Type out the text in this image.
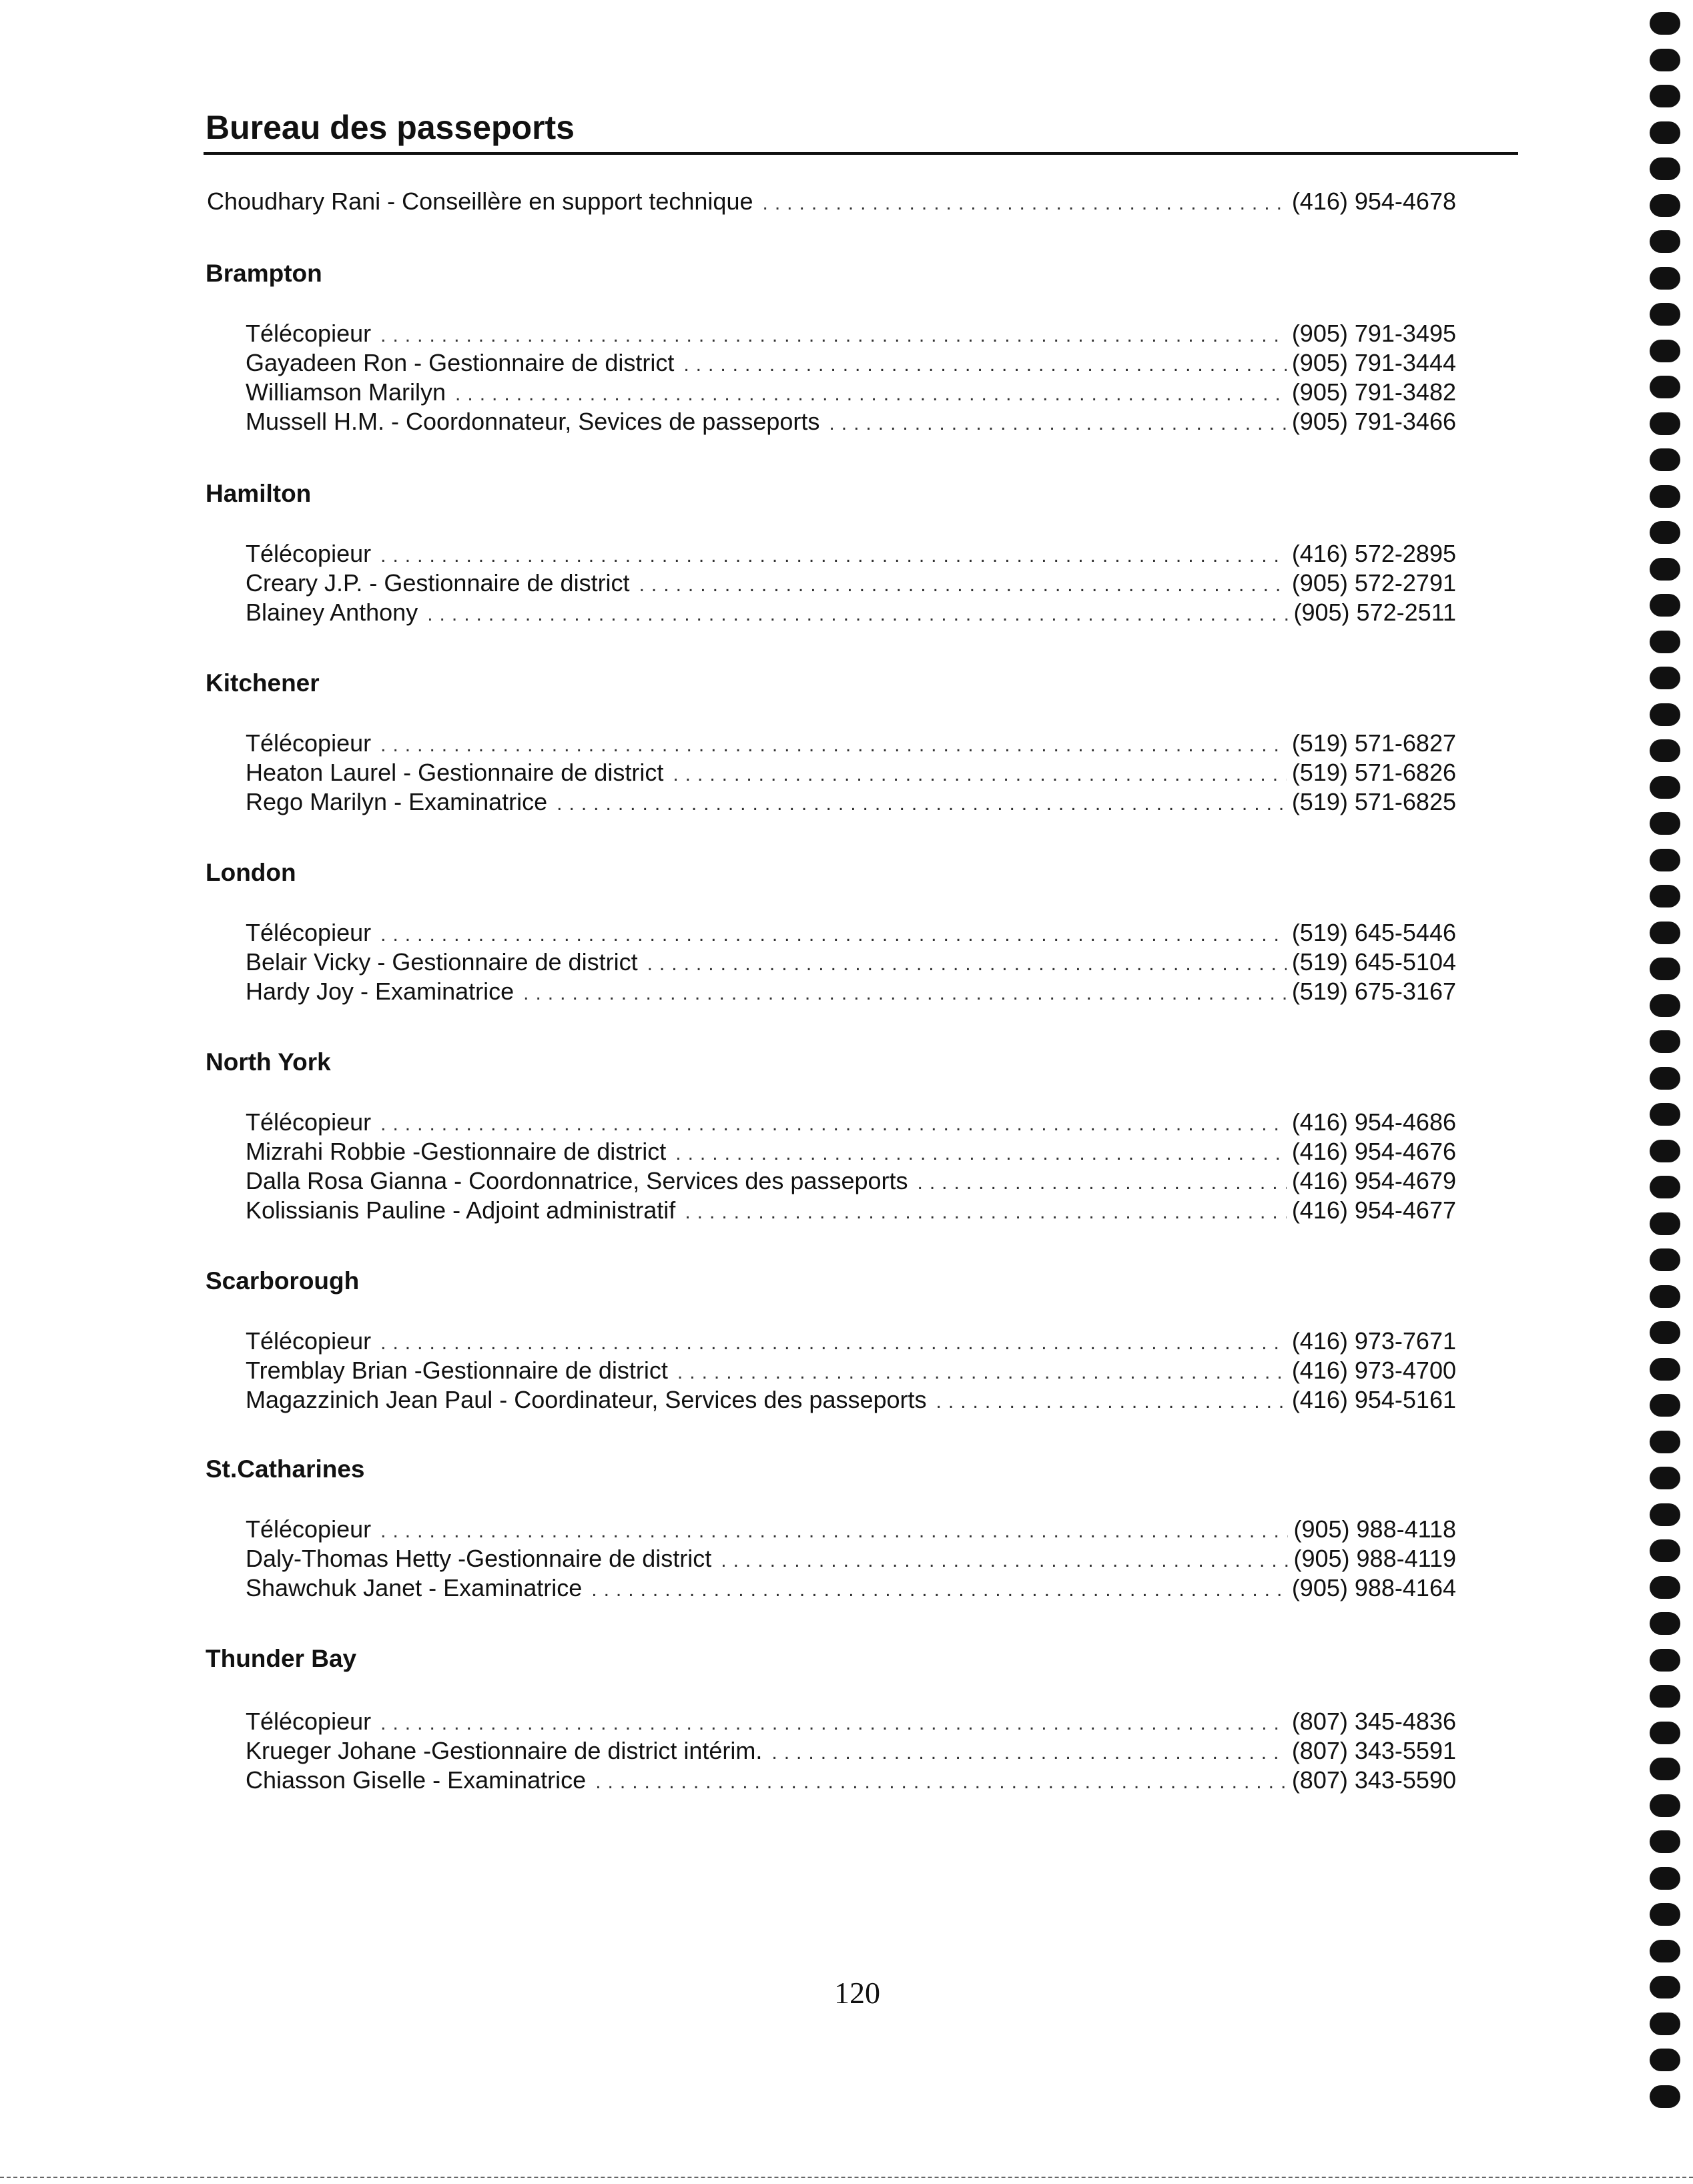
Bureau des passeports
Choudhary Rani - Conseillère en support technique .....	(416) 954-4678
Brampton
Télécopieur .....	(905) 791-3495
Gayadeen Ron - Gestionnaire de district .....	(905) 791-3444
Williamson Marilyn .....	(905) 791-3482
Mussell H.M. - Coordonnateur, Sevices de passeports .....	(905) 791-3466
Hamilton
Télécopieur .....	(416) 572-2895
Creary J.P. - Gestionnaire de district .....	(905) 572-2791
Blainey Anthony .....	(905) 572-2511
Kitchener
Télécopieur .....	(519) 571-6827
Heaton Laurel - Gestionnaire de district .....	(519) 571-6826
Rego Marilyn - Examinatrice .....	(519) 571-6825
London
Télécopieur .....	(519) 645-5446
Belair Vicky - Gestionnaire de district .....	(519) 645-5104
Hardy Joy - Examinatrice .....	(519) 675-3167
North York
Télécopieur .....	(416) 954-4686
Mizrahi Robbie -Gestionnaire de district .....	(416) 954-4676
Dalla Rosa Gianna - Coordonnatrice, Services des passeports .....	(416) 954-4679
Kolissianis Pauline - Adjoint administratif .....	(416) 954-4677
Scarborough
Télécopieur .....	(416) 973-7671
Tremblay Brian -Gestionnaire de district .....	(416) 973-4700
Magazzinich Jean Paul - Coordinateur, Services des passeports .....	(416) 954-5161
St.Catharines
Télécopieur .....	(905) 988-4118
Daly-Thomas Hetty -Gestionnaire de district .....	(905) 988-4119
Shawchuk Janet - Examinatrice .....	(905) 988-4164
Thunder Bay
Télécopieur .....	(807) 345-4836
Krueger Johane -Gestionnaire de district intérim. .....	(807) 343-5591
Chiasson Giselle - Examinatrice .....	(807) 343-5590
120
